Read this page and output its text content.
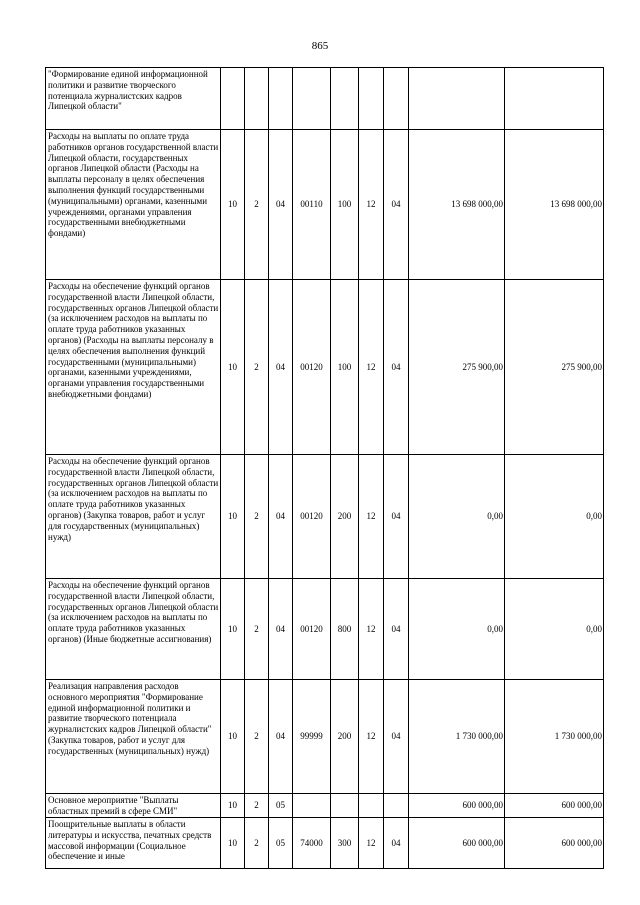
865
"Формирование единой информационной политики и развитие творческого потенциала журналистских кадров Липецкой области"									
Расходы на выплаты по оплате труда работников органов государственной власти Липецкой области, государственных органов Липецкой области (Расходы на выплаты персоналу в целях обеспечения выполнения функций государственными (муниципальными) органами, казенными учреждениями, органами управления государственными внебюджетными фондами)	10	2	04	00110	100	12	04	13 698 000,00	13 698 000,00
Расходы на обеспечение функций органов государственной власти Липецкой области, государственных органов Липецкой области (за исключением расходов на выплаты по оплате труда работников указанных органов) (Расходы на выплаты персоналу в целях обеспечения выполнения функций государственными (муниципальными) органами, казенными учреждениями, органами управления государственными внебюджетными фондами)	10	2	04	00120	100	12	04	275 900,00	275 900,00
Расходы на обеспечение функций органов государственной власти Липецкой области, государственных органов Липецкой области (за исключением расходов на выплаты по оплате труда работников указанных органов) (Закупка товаров, работ и услуг для государственных (муниципальных) нужд)	10	2	04	00120	200	12	04	0,00	0,00
Расходы на обеспечение функций органов государственной власти Липецкой области, государственных органов Липецкой области (за исключением расходов на выплаты по оплате труда работников указанных органов) (Иные бюджетные ассигнования)	10	2	04	00120	800	12	04	0,00	0,00
Реализация направления расходов основного мероприятия "Формирование единой информационной политики и развитие творческого потенциала журналистских кадров Липецкой области" (Закупка товаров, работ и услуг для государственных (муниципальных) нужд)	10	2	04	99999	200	12	04	1 730 000,00	1 730 000,00
Основное мероприятие "Выплаты областных премий в сфере СМИ"	10	2	05					600 000,00	600 000,00
Поощрительные выплаты в области литературы и искусства, печатных средств массовой информации (Социальное обеспечение и иные	10	2	05	74000	300	12	04	600 000,00	600 000,00
